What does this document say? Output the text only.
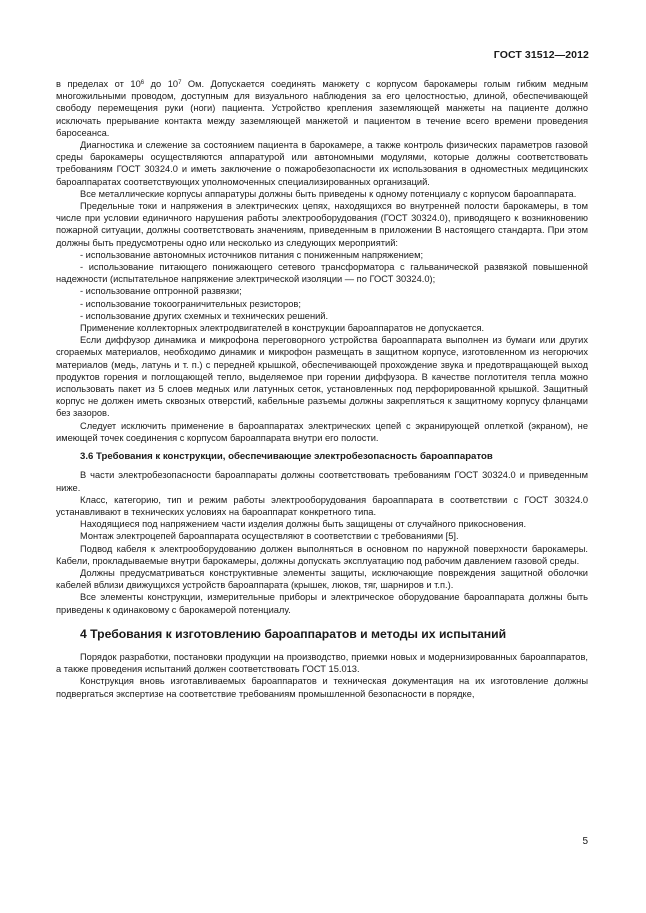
ГОСТ 31512—2012

в пределах от $10^6$ до $10^7$ Ом. Допускается соединять манжету с корпусом барокамеры голым гибким медным многожильными проводом, доступным для визуального наблюдения за его целостностью, длиной, обеспечивающей свободу перемещения руки (ноги) пациента. Устройство крепления заземляющей манжеты на пациенте должно исключать прерывание контакта между заземляющей манжетой и пациентом в течение всего времени проведения бaросеанса.

Диагностика и слежение за состоянием пациента в барокамере, а также контроль физических параметров газовой среды барокамеры осуществляются аппаратурой или автономными модулями, которые должны соответствовать требованиям ГОСТ 30324.0 и иметь заключение о пожаробезопасности их использования в одноместных медицинских бароаппаратах соответствующих уполномоченных специализированных организаций.

Все металлические корпусы аппаратуры должны быть приведены к одному потенциалу с корпусом бароаппарата.

Предельные токи и напряжения в электрических цепях, находящихся во внутренней полости барокамеры, в том числе при условии единичного нарушения работы электрооборудования (ГОСТ 30324.0), приводящего к возникновению пожарной ситуации, должны соответствовать значениям, приведенным в приложении В настоящего стандарта. При этом должны быть предусмотрены одно или несколько из следующих мероприятий:

- использование автономных источников питания с пониженным напряжением;

- использование питающего понижающего сетевого трансформатора с гальванической развязкой повышенной надежности (испытательное напряжение электрической изоляции — по ГОСТ 30324.0);

- использование оптронной развязки;

- использование токоограничительных резисторов;

- использование других схемных и технических решений.

Применение коллекторных электродвигателей в конструкции бароаппаратов не допускается.

Если диффузор динамика и микрофона переговорного устройства бароаппарата выполнен из бумаги или других сгораемых материалов, необходимо динамик и микрофон размещать в защитном корпусе, изготовленном из негорючих материалов (медь, латунь и т. п.) с передней крышкой, обеспечивающей прохождение звука и предотвращающей выход продуктов горения и поглощающей тепло, выделяемое при горении диффузора. В качестве поглотителя тепла можно использовать пакет из 5 слоев медных или латунных сеток, установленных под перфорированной крышкой. Защитный корпус не должен иметь сквозных отверстий, кабельные разъемы должны закрепляться к защитному корпусу фланцами без зазоров.

Следует исключить применение в бароаппаратах электрических цепей с экранирующей оплеткой (экраном), не имеющей точек соединения с корпусом бароаппарата внутри его полости.

3.6 Требования к конструкции, обеспечивающие электробезопасность бароаппаратов

В части электробезопасности бароаппараты должны соответствовать требованиям ГОСТ 30324.0 и приведенным ниже.

Класс, категорию, тип и режим работы электрооборудования бароаппарата в соответствии с ГОСТ 30324.0 устанавливают в технических условиях на бароаппарат конкретного типа.

Находящиеся под напряжением части изделия должны быть защищены от случайного прикосновения.

Монтаж электроцепей бароаппарата осуществляют в соответствии с требованиями [5].

Подвод кабеля к электрооборудованию должен выполняться в основном по наружной поверхности барокамеры. Кабели, прокладываемые внутри барокамеры, должны допускать эксплуатацию под рабочим давлением газовой среды.

Должны предусматриваться конструктивные элементы защиты, исключающие повреждения защитной оболочки кабелей вблизи движущихся устройств бароаппарата (крышек, люков, тяг, шарниров и т.п.).

Все элементы конструкции, измерительные приборы и электрическое оборудование бароаппарата должны быть приведены к одинаковому с барокамерой потенциалу.

4 Требования к изготовлению бароаппаратов и методы их испытаний

Порядок разработки, постановки продукции на производство, приемки новых и модернизированных бароаппаратов, а также проведения испытаний должен соответствовать ГОСТ 15.013.

Конструкция вновь изготавливаемых бароаппаратов и техническая документация на их изготовление должны подвергаться экспертизе на соответствие требованиям промышленной безопасности в порядке,

5
